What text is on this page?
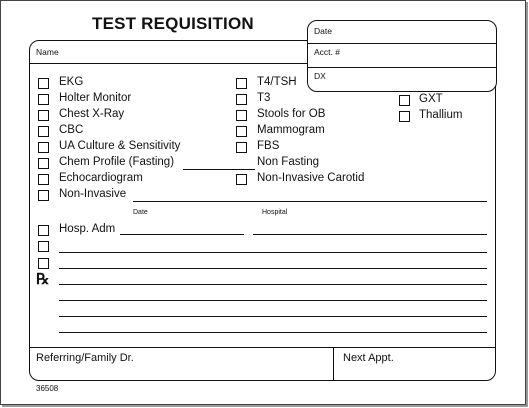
TEST REQUISITION
Name
Date
Acct. #
DX
EKG
Holter Monitor
Chest X-Ray
CBC
UA Culture & Sensitivity
Chem Profile (Fasting)
Echocardiogram
Non-Invasive
T4/TSH
T3
Stools for OB
Mammogram
FBS
Non Fasting
Non-Invasive Carotid
GXT
Thallium
Date	Hospital
Hosp. Adm
℞
Referring/Family Dr.	Next Appt.
36508
